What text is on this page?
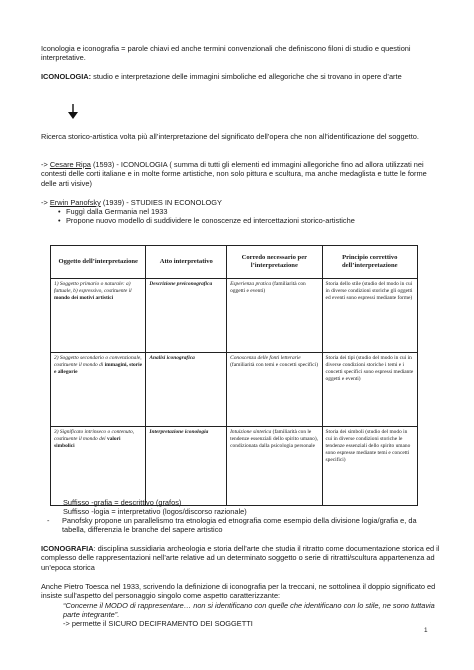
Iconologia e iconografia = parole chiavi ed anche termini convenzionali che definiscono filoni di studio e questioni interpretative.

ICONOLOGIA: studio e interpretazione delle immagini simboliche ed allegoriche che si trovano in opere d’arte

Ricerca storico-artistica volta più all’interpretazione del significato dell’opera che non all’identificazione del soggetto.

-> Cesare Ripa (1593) - ICONOLOGIA ( summa di tutti gli elementi ed immagini allegoriche fino ad allora utilizzati nei contesti delle corti italiane e in molte forme artistiche, non solo pittura e scultura, ma anche medaglista e tutte le forme delle arti visive)

-> Erwin Panofsky (1939) - STUDIES IN ECONOLOGY

• Fuggì dalla Germania nel 1933
• Propone nuovo modello di suddividere le conoscenze ed intercettazioni storico-artistiche
Oggetto dell’interpretazione	Atto interpretativo	Corredo necessario per l’interpretazione	Principio correttivo dell’interpretazione
1) Soggetto primario o naturale: a) fattuale, b) espressivo, costituente il mondo dei motivi artistici	Descrizione preiconografica	Esperienza pratica (familiarità con oggetti e eventi)	Storia dello stile (studio del modo in cui in diverse condizioni storiche gli oggetti ed eventi sono espressi mediante forme)
2) Soggetto secondario o convenzionale, costituente il mondo di immagini, storie e allegorie	Analisi iconografica	Conoscenza delle fonti letterarie (familiarità con temi e concetti specifici)	Storia dei tipi (studio del modo in cui in diverse condizioni storiche i temi e i concetti specifici sono espressi mediante oggetti e eventi)
3) Significato intrinseco o contenuto, costituente il mondo dei valori simbolici	Interpretazione iconologia	Intuizione sintetica (familiarità con le tendenze essenziali dello spirito umano), condizionata dalla psicologia personale	Storia dei simboli (studio del modo in cui in diverse condizioni storiche le tendenze essenziali dello spirito umano sono espresse mediante temi e concetti specifici)

Suffisso -grafia = descrittivo (grafos)

Suffisso -logia = interpretativo (logos/discorso razionale)

- Panofsky propone un parallelismo tra etnologia ed etnografia come esempio della divisione logia/grafia e, da tabella, differenzia le branche del sapere artistico

ICONOGRAFIA: disciplina sussidiaria archeologia e storia dell’arte che studia il ritratto come documentazione storica ed il complesso delle rappresentazioni nell’arte relative ad un determinato soggetto o serie di ritratti/scultura appartenenza ad un’epoca storica

Anche Pietro Toesca nel 1933, scrivendo la definizione di iconografia per la treccani, ne sottolinea il doppio significato ed insiste sull’aspetto del personaggio singolo come aspetto caratterizzante:

“Concerne il MODO di rappresentare… non si identificano con quelle che identificano con lo stile, ne sono tuttavia parte integrante”.

-> permette il SICURO DECIFRAMENTO DEI SOGGETTI

1
